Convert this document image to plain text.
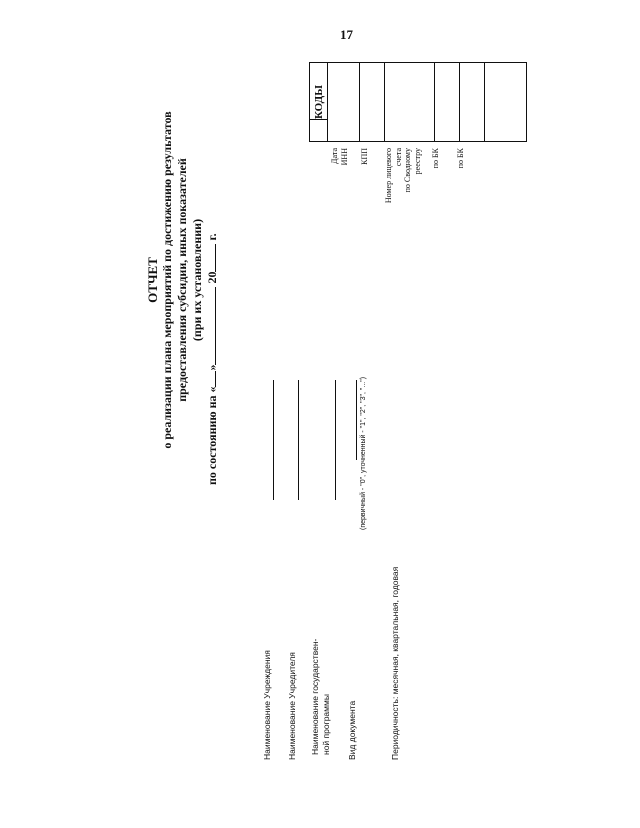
17
ОТЧЕТ о реализации плана мероприятий по достижению результатов предоставления субсидии, иных показателей (при их установлении)
по состоянию на «» 20 г.
Наименование Учреждения Наименование Учредителя Наименование государствен- ной программы Вид документа
(первичный - "0", уточненный - "1", "2", "3", "...")
Периодичность: месячная, квартальная, годовая
КОДЫ
Дата ИНН КПП Номер лицевого счета по Сводному реестру по БК по БК
